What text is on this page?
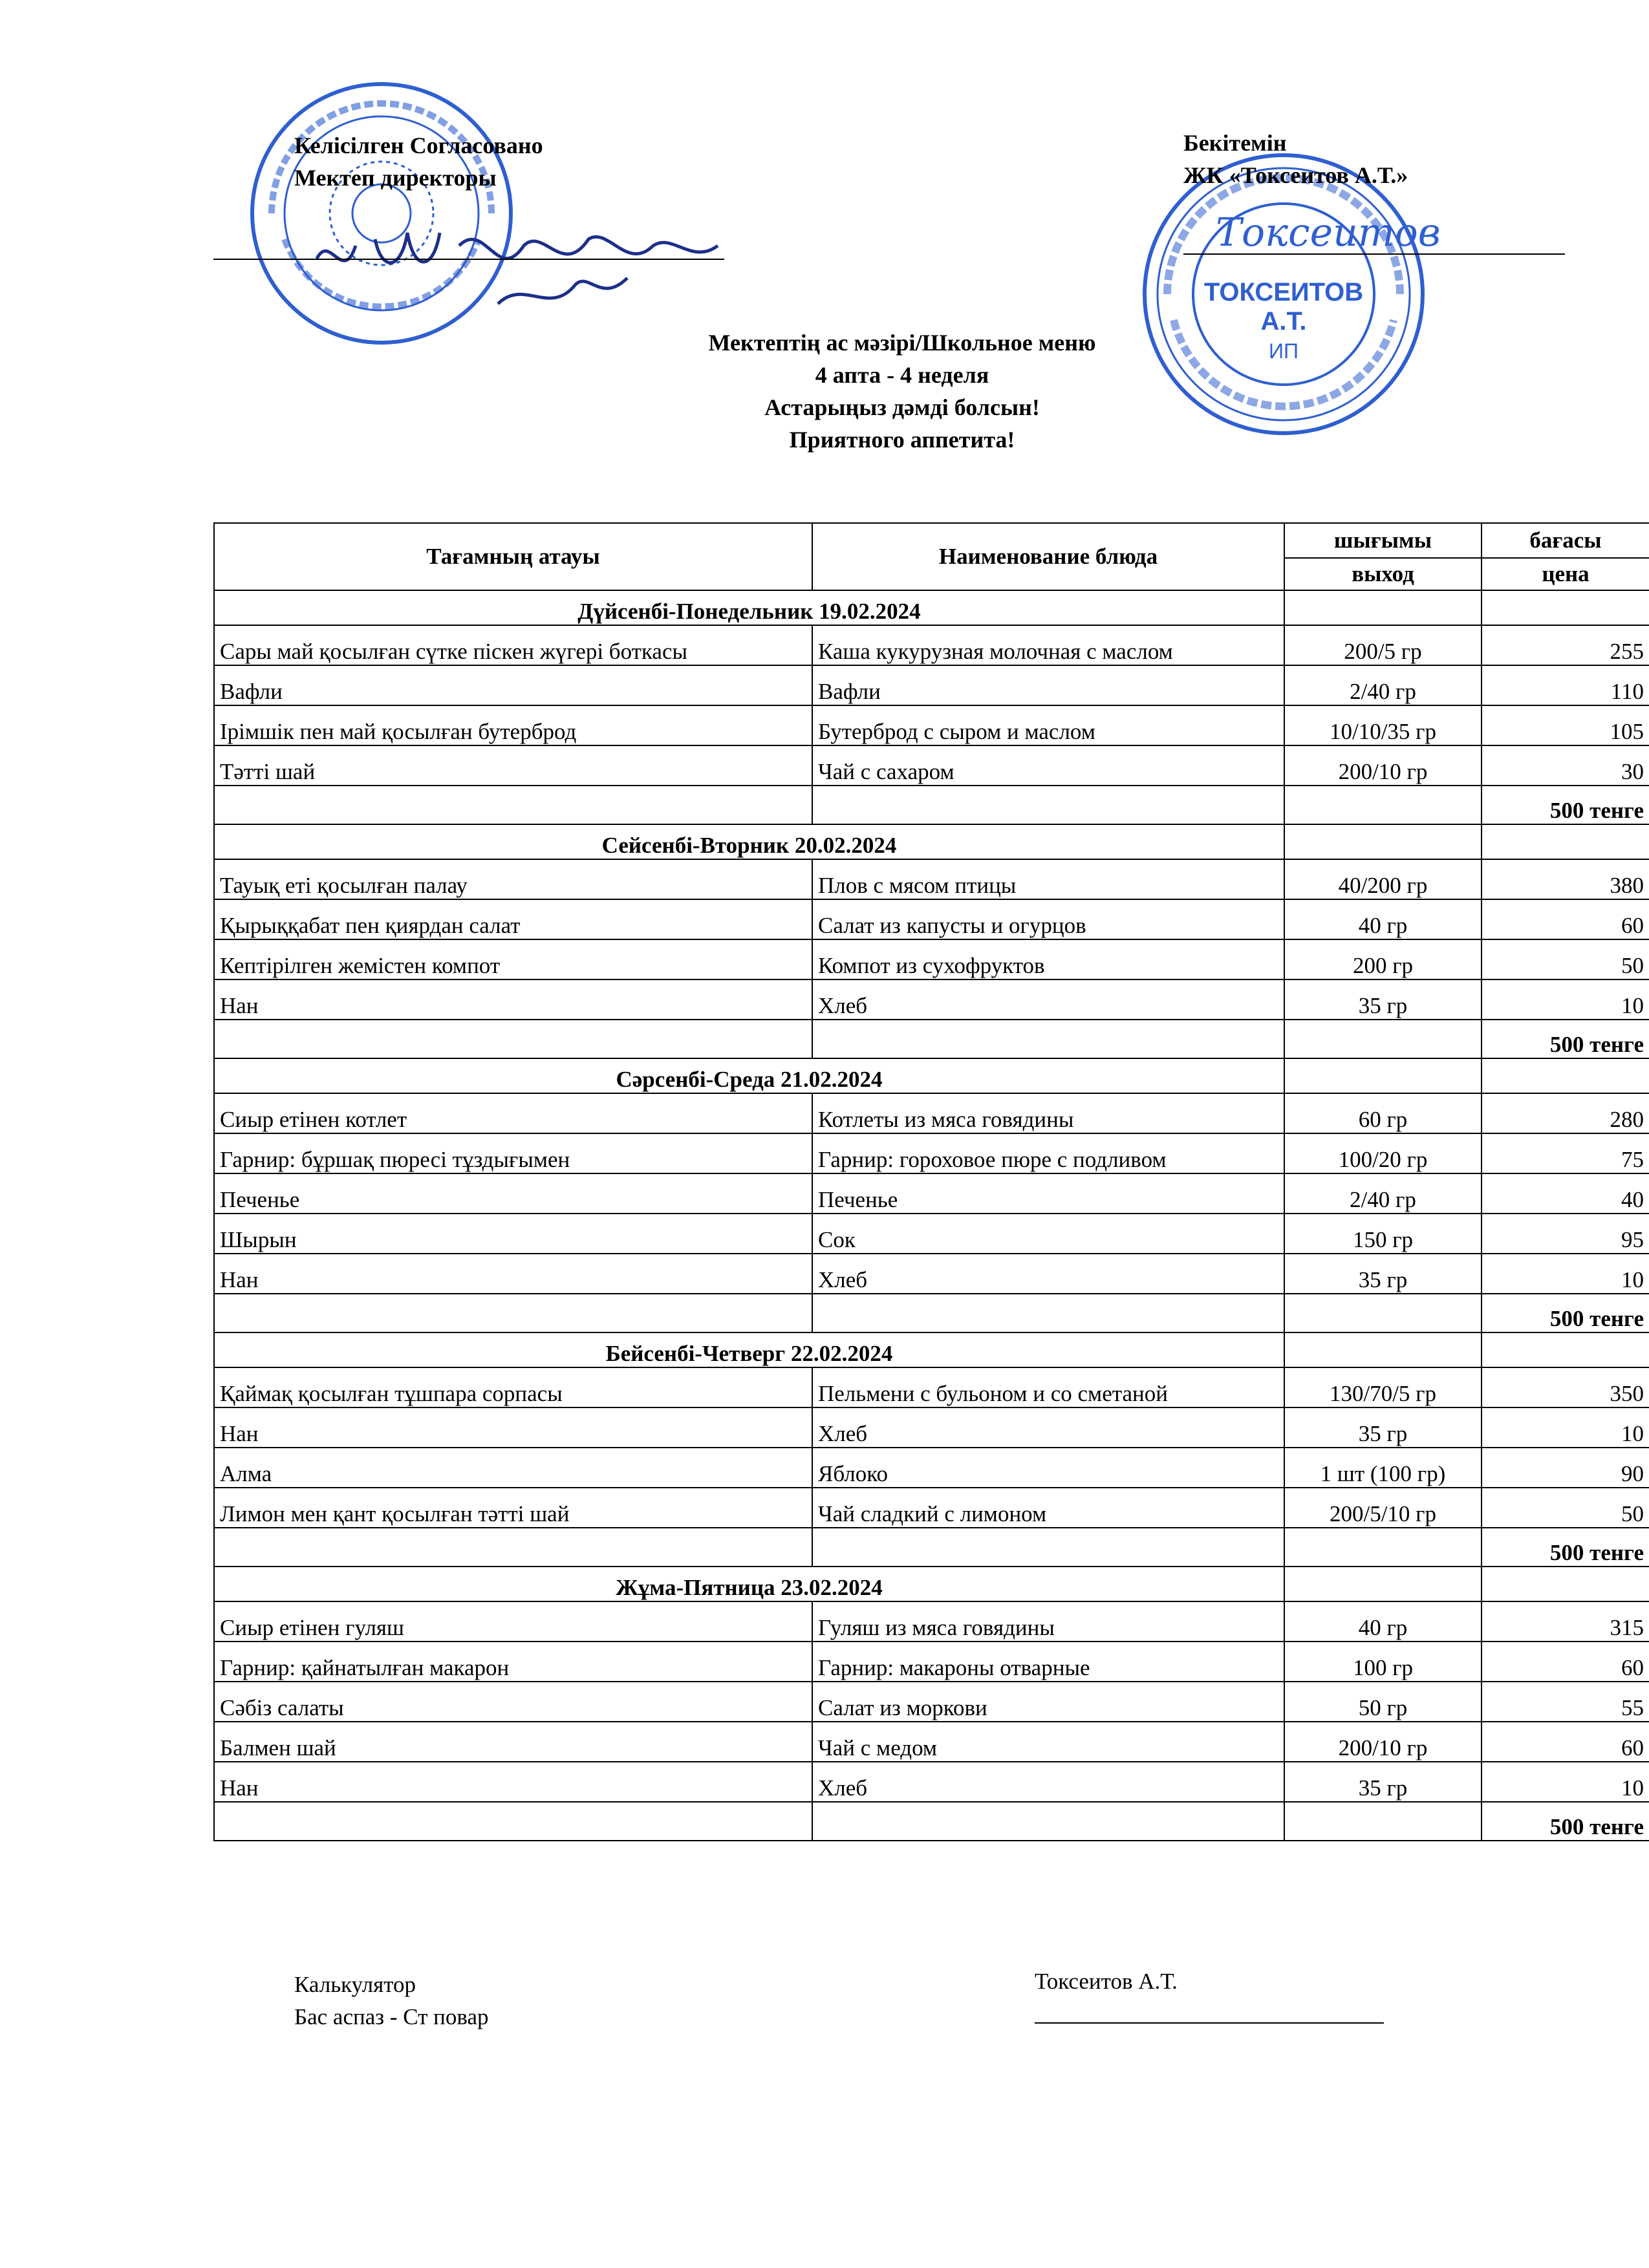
Токсеитов
ТОКСЕИТОВ А.Т.
ИП
Келісілген Согласовано
Мектеп директоры
Бекітемін
ЖК «Токсеитов А.Т.»
Мектептің ас мәзірі/Школьное меню
4 апта - 4 неделя
Астарыңыз дәмді болсын!
Приятного аппетита!
Тағамның атауы	Наименование блюда	шығымы	бағасы
		выход	цена
Дүйсенбі-Понедельник 19.02.2024			
Сары май қосылған сүтке піскен жүгері боткасы	Каша кукурузная молочная с маслом	200/5 гр	255
Вафли	Вафли	2/40 гр	110
Ірімшік пен май қосылған бутерброд	Бутерброд с сыром и маслом	10/10/35 гр	105
Тәтті шай	Чай с сахаром	200/10 гр	30
			500 тенге
Сейсенбі-Вторник 20.02.2024			
Тауық еті қосылған палау	Плов с мясом птицы	40/200 гр	380
Қырыққабат пен қиярдан салат	Салат из капусты и огурцов	40 гр	60
Кептірілген жемістен компот	Компот из сухофруктов	200 гр	50
Нан	Хлеб	35 гр	10
			500 тенге
Сәрсенбі-Среда 21.02.2024			
Сиыр етінен котлет	Котлеты из мяса говядины	60 гр	280
Гарнир: бұршақ пюресі тұздығымен	Гарнир: гороховое пюре с подливом	100/20 гр	75
Печенье	Печенье	2/40 гр	40
Шырын	Сок	150 гр	95
Нан	Хлеб	35 гр	10
			500 тенге
Бейсенбі-Четверг 22.02.2024			
Қаймақ қосылған тұшпара сорпасы	Пельмени с бульоном и со сметаной	130/70/5 гр	350
Нан	Хлеб	35 гр	10
Алма	Яблоко	1 шт (100 гр)	90
Лимон мен қант қосылған тәтті шай	Чай сладкий с лимоном	200/5/10 гр	50
			500 тенге
Жұма-Пятница 23.02.2024			
Сиыр етінен гуляш	Гуляш из мяса говядины	40 гр	315
Гарнир: қайнатылған макарон	Гарнир: макароны отварные	100 гр	60
Сәбіз салаты	Салат из моркови	50 гр	55
Балмен шай	Чай с медом	200/10 гр	60
Нан	Хлеб	35 гр	10
			500 тенге
Калькулятор
Бас аспаз - Ст повар
Токсеитов А.Т.
